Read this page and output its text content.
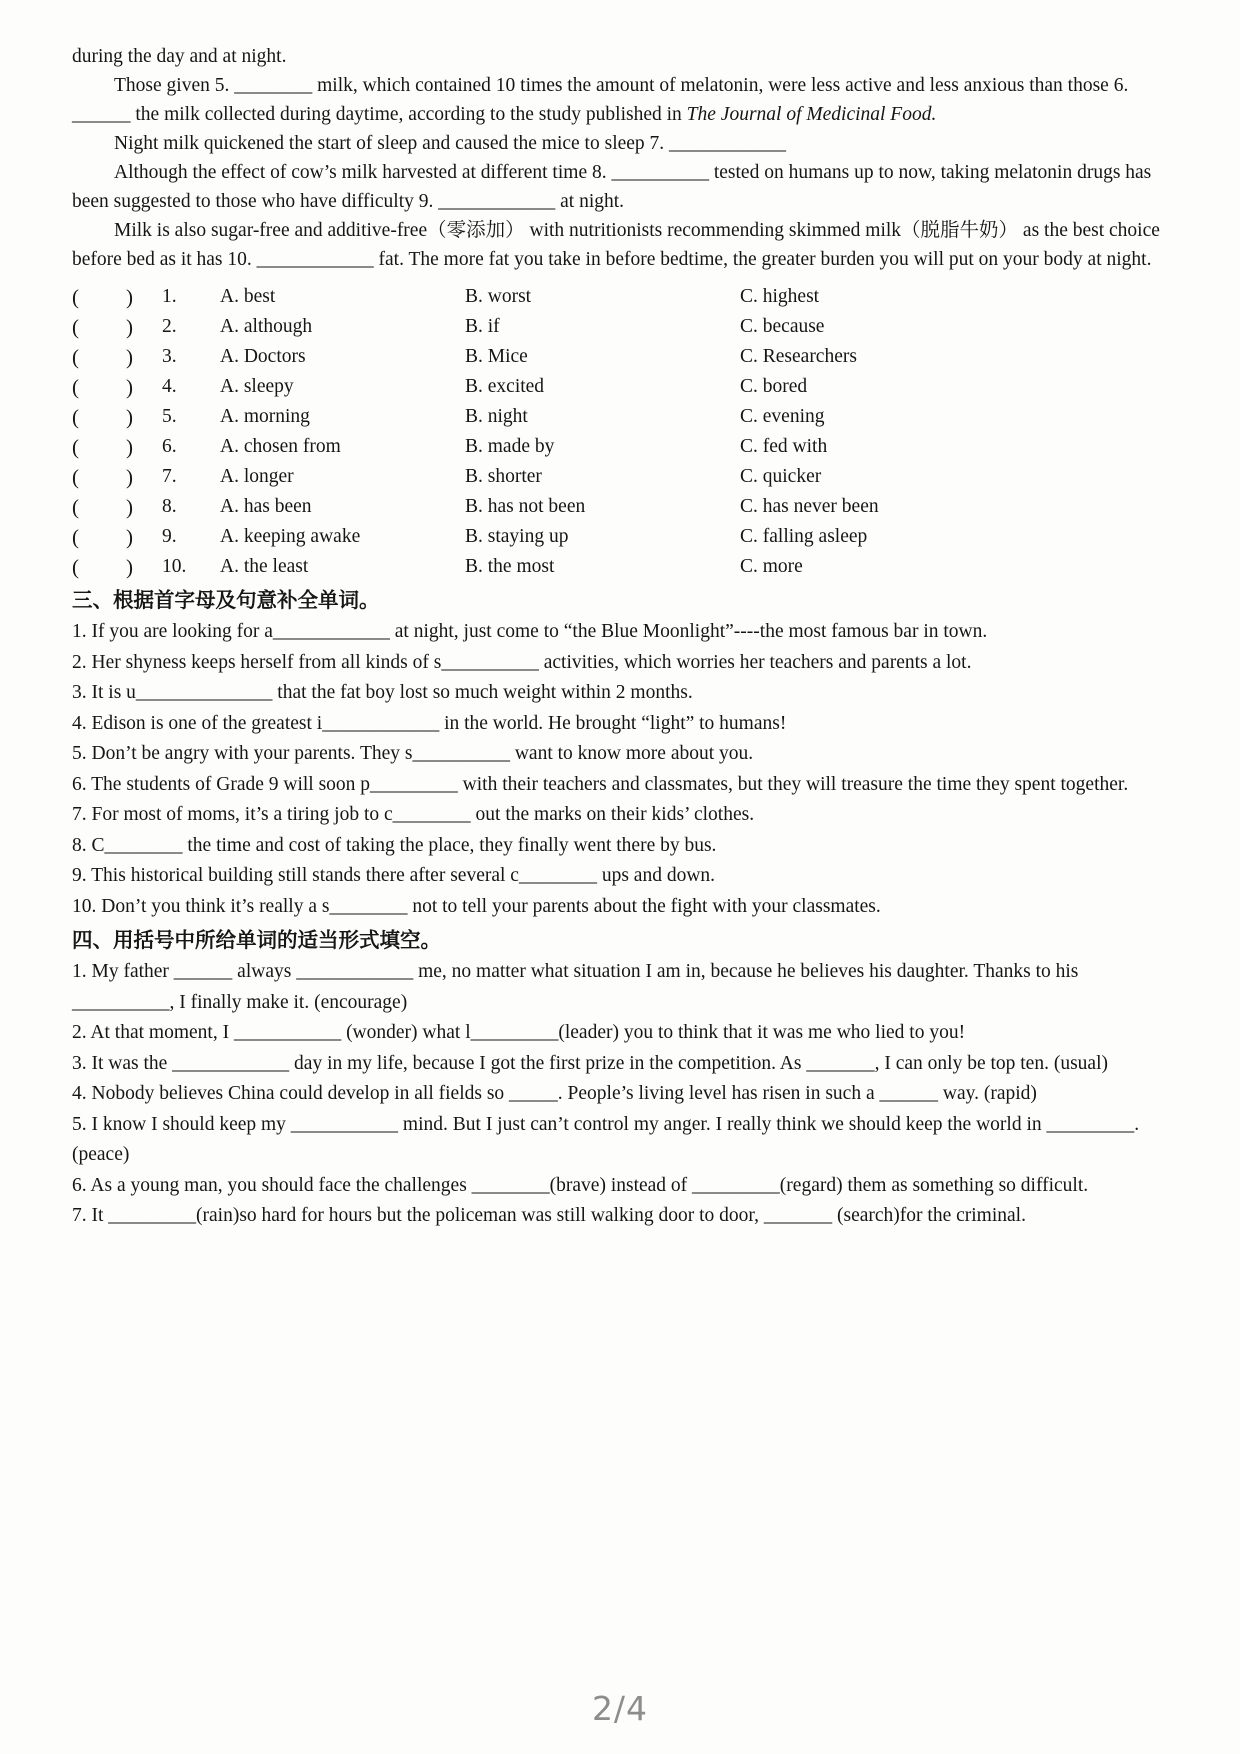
during the day and at night.

Those given 5. ________ milk, which contained 10 times the amount of melatonin, were less active and less anxious than those 6. ______ the milk collected during daytime, according to the study published in The Journal of Medicinal Food.

Night milk quickened the start of sleep and caused the mice to sleep 7. ____________

Although the effect of cow’s milk harvested at different time 8. __________ tested on humans up to now, taking melatonin drugs has been suggested to those who have difficulty 9. ____________ at night.

Milk is also sugar-free and additive-free（零添加） with nutritionists recommending skimmed milk（脱脂牛奶） as the best choice before bed as it has 10. ____________ fat. The more fat you take in before bedtime, the greater burden you will put on your body at night.

(	)	1.	A. best	B. worst	C. highest
(	)	2.	A. although	B. if	C. because
(	)	3.	A. Doctors	B. Mice	C. Researchers
(	)	4.	A. sleepy	B. excited	C. bored
(	)	5.	A. morning	B. night	C. evening
(	)	6.	A. chosen from	B. made by	C. fed with
(	)	7.	A. longer	B. shorter	C. quicker
(	)	8.	A. has been	B. has not been	C. has never been
(	)	9.	A. keeping awake	B. staying up	C. falling asleep
(	)	10.	A. the least	B. the most	C. more
三、根据首字母及句意补全单词。
1. If you are looking for a____________ at night, just come to “the Blue Moonlight”----the most famous bar in town.
2. Her shyness keeps herself from all kinds of s__________ activities, which worries her teachers and parents a lot.
3. It is u______________ that the fat boy lost so much weight within 2 months.
4. Edison is one of the greatest i____________ in the world. He brought “light” to humans!
5. Don’t be angry with your parents. They s__________ want to know more about you.
6. The students of Grade 9 will soon p_________ with their teachers and classmates, but they will treasure the time they spent together.
7. For most of moms, it’s a tiring job to c________ out the marks on their kids’ clothes.
8. C________ the time and cost of taking the place, they finally went there by bus.
9. This historical building still stands there after several c________ ups and down.
10. Don’t you think it’s really a s________ not to tell your parents about the fight with your classmates.
四、用括号中所给单词的适当形式填空。
1. My father ______ always ____________ me, no matter what situation I am in, because he believes his daughter. Thanks to his __________, I finally make it. (encourage)
2. At that moment, I ___________ (wonder) what l_________(leader) you to think that it was me who lied to you!
3. It was the ____________ day in my life, because I got the first prize in the competition. As _______, I can only be top ten. (usual)
4. Nobody believes China could develop in all fields so _____. People’s living level has risen in such a ______ way. (rapid)
5. I know I should keep my ___________ mind. But I just can’t control my anger. I really think we should keep the world in _________. (peace)
6. As a young man, you should face the challenges ________(brave) instead of _________(regard) them as something so difficult.
7. It _________(rain)so hard for hours but the policeman was still walking door to door, _______ (search)for the criminal.
2/4
